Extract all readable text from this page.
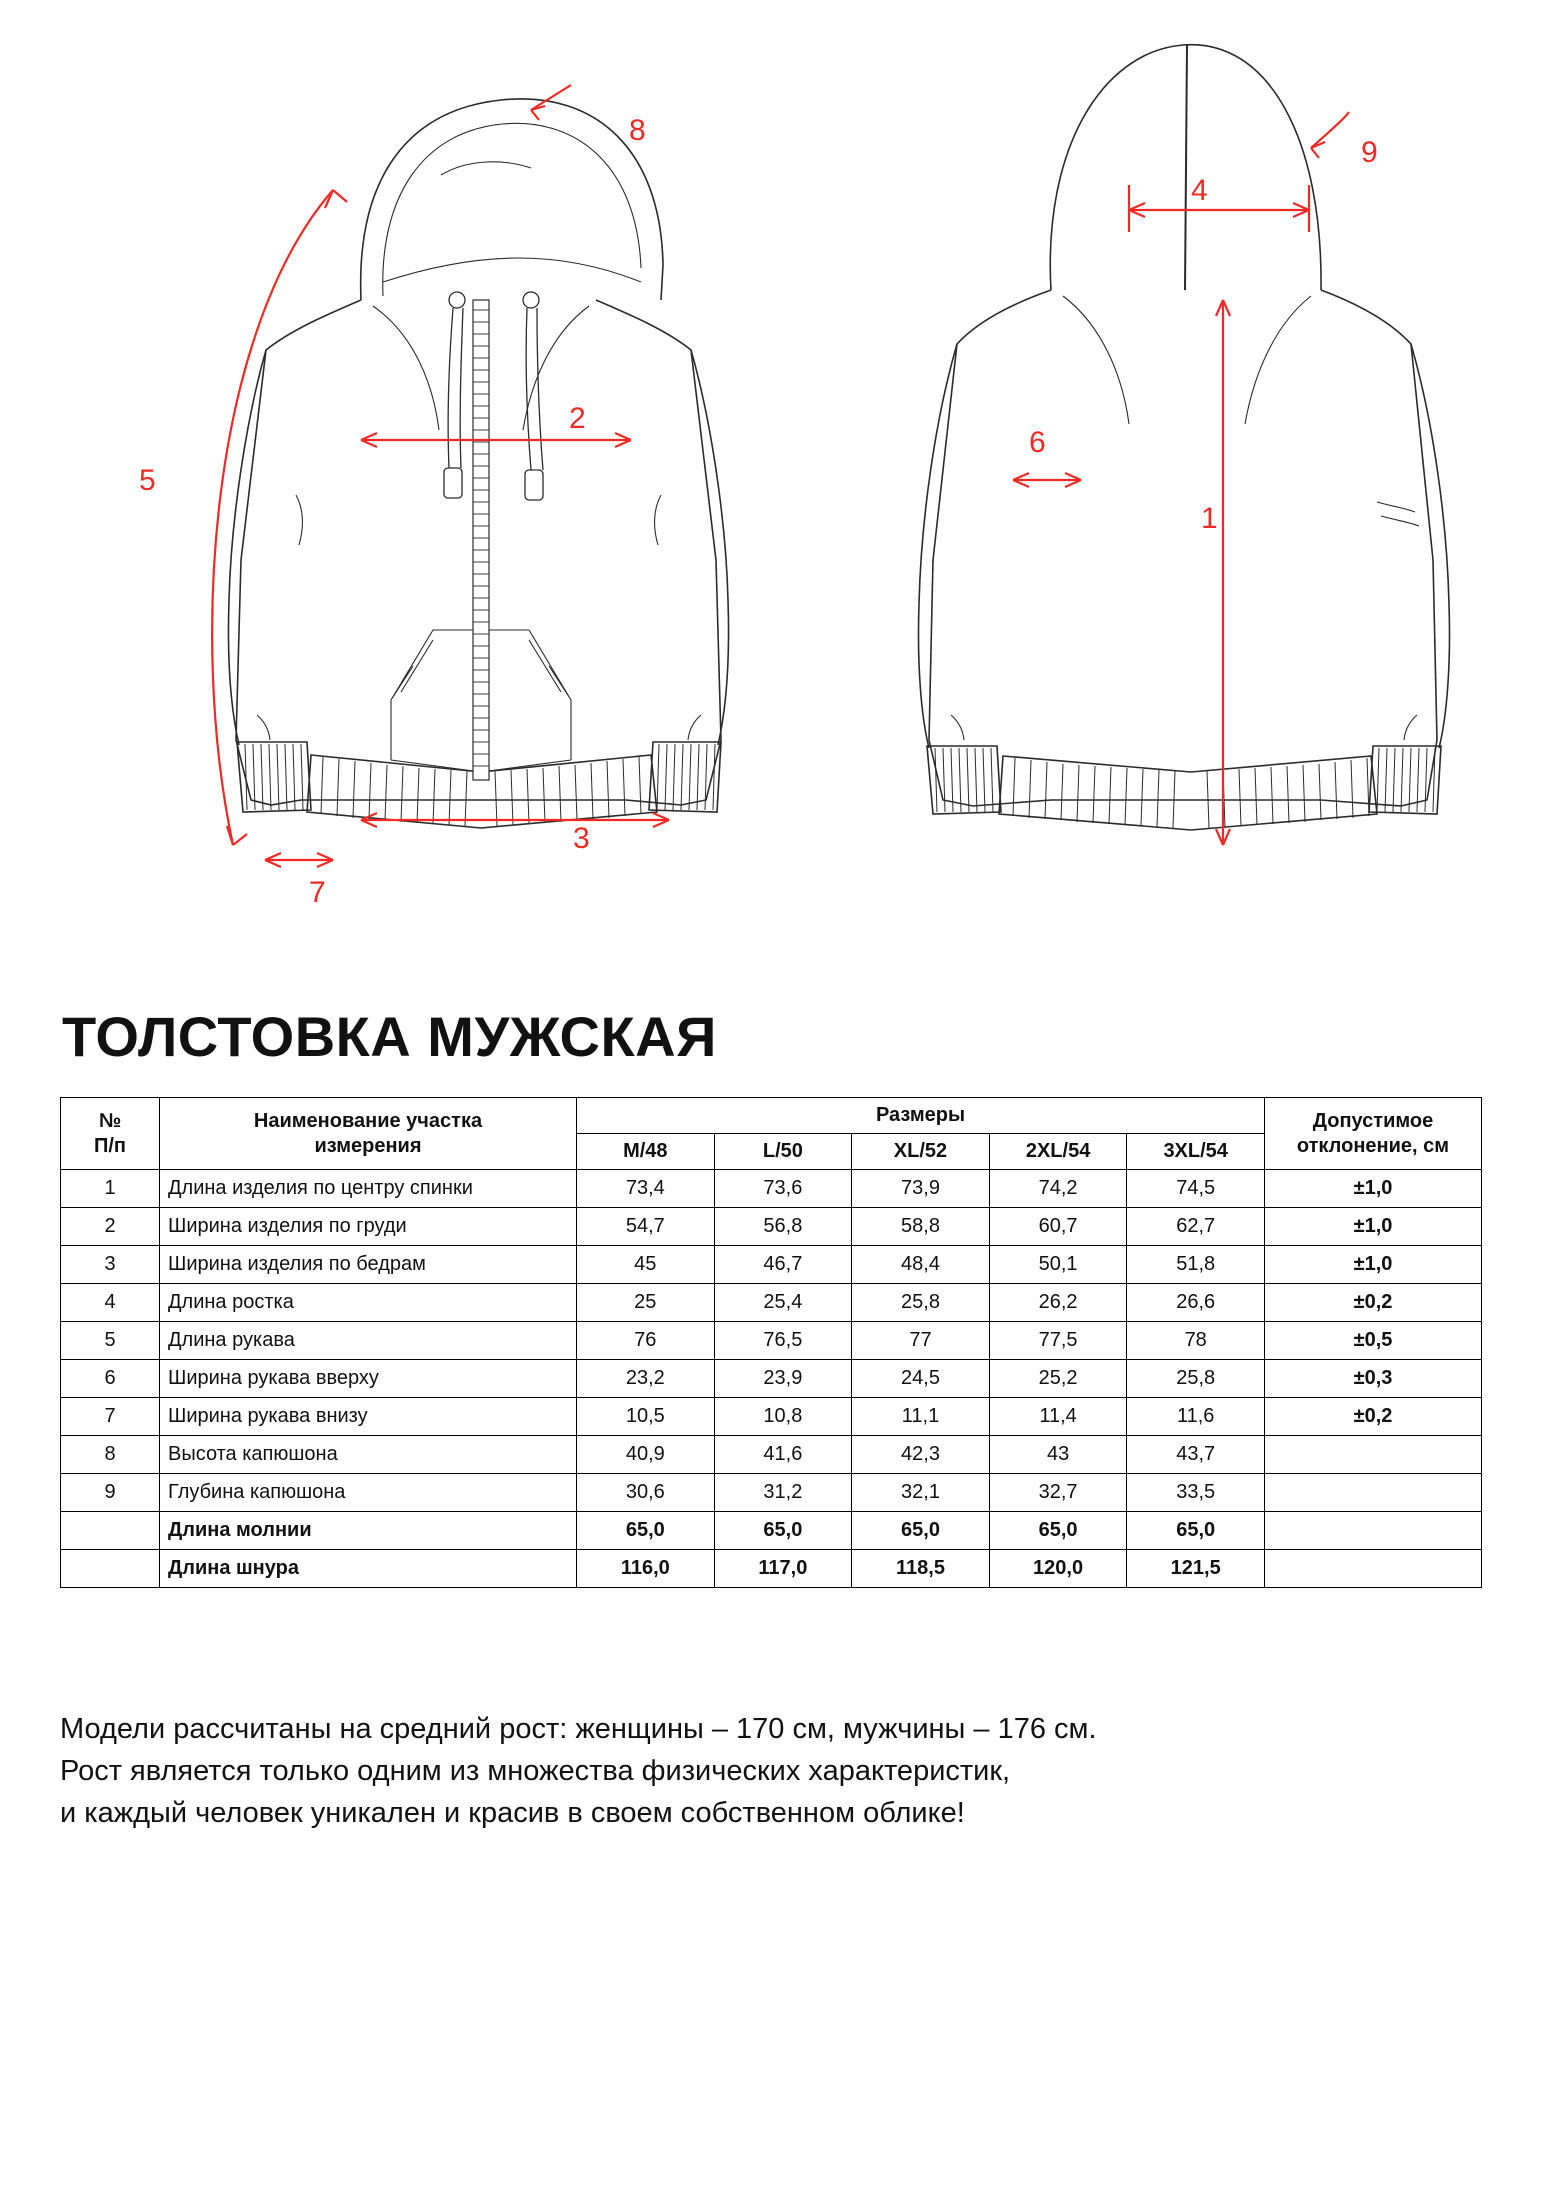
8
2
3
5
7
9
4
1
6
ТОЛСТОВКА МУЖСКАЯ
№
П/п

Наименование участка
измерения
	Размеры	Допустимое
отклонение, см

		M/48	L/50	XL/52	2XL/54	3XL/54	
1	Длина изделия по центру спинки	73,4	73,6	73,9	74,2	74,5	±1,0
2	Ширина изделия по груди	54,7	56,8	58,8	60,7	62,7	±1,0
3	Ширина изделия по бедрам	45	46,7	48,4	50,1	51,8	±1,0
4	Длина ростка	25	25,4	25,8	26,2	26,6	±0,2
5	Длина рукава	76	76,5	77	77,5	78	±0,5
6	Ширина рукава вверху	23,2	23,9	24,5	25,2	25,8	±0,3
7	Ширина рукава внизу	10,5	10,8	11,1	11,4	11,6	±0,2
8	Высота капюшона	40,9	41,6	42,3	43	43,7	
9	Глубина капюшона	30,6	31,2	32,1	32,7	33,5	
	Длина молнии	65,0	65,0	65,0	65,0	65,0	
	Длина шнура	116,0	117,0	118,5	120,0	121,5	
Модели рассчитаны на средний рост: женщины – 170 см, мужчины – 176 см.
Рост является только одним из множества физических характеристик,
и каждый человек уникален и красив в своем собственном облике!
